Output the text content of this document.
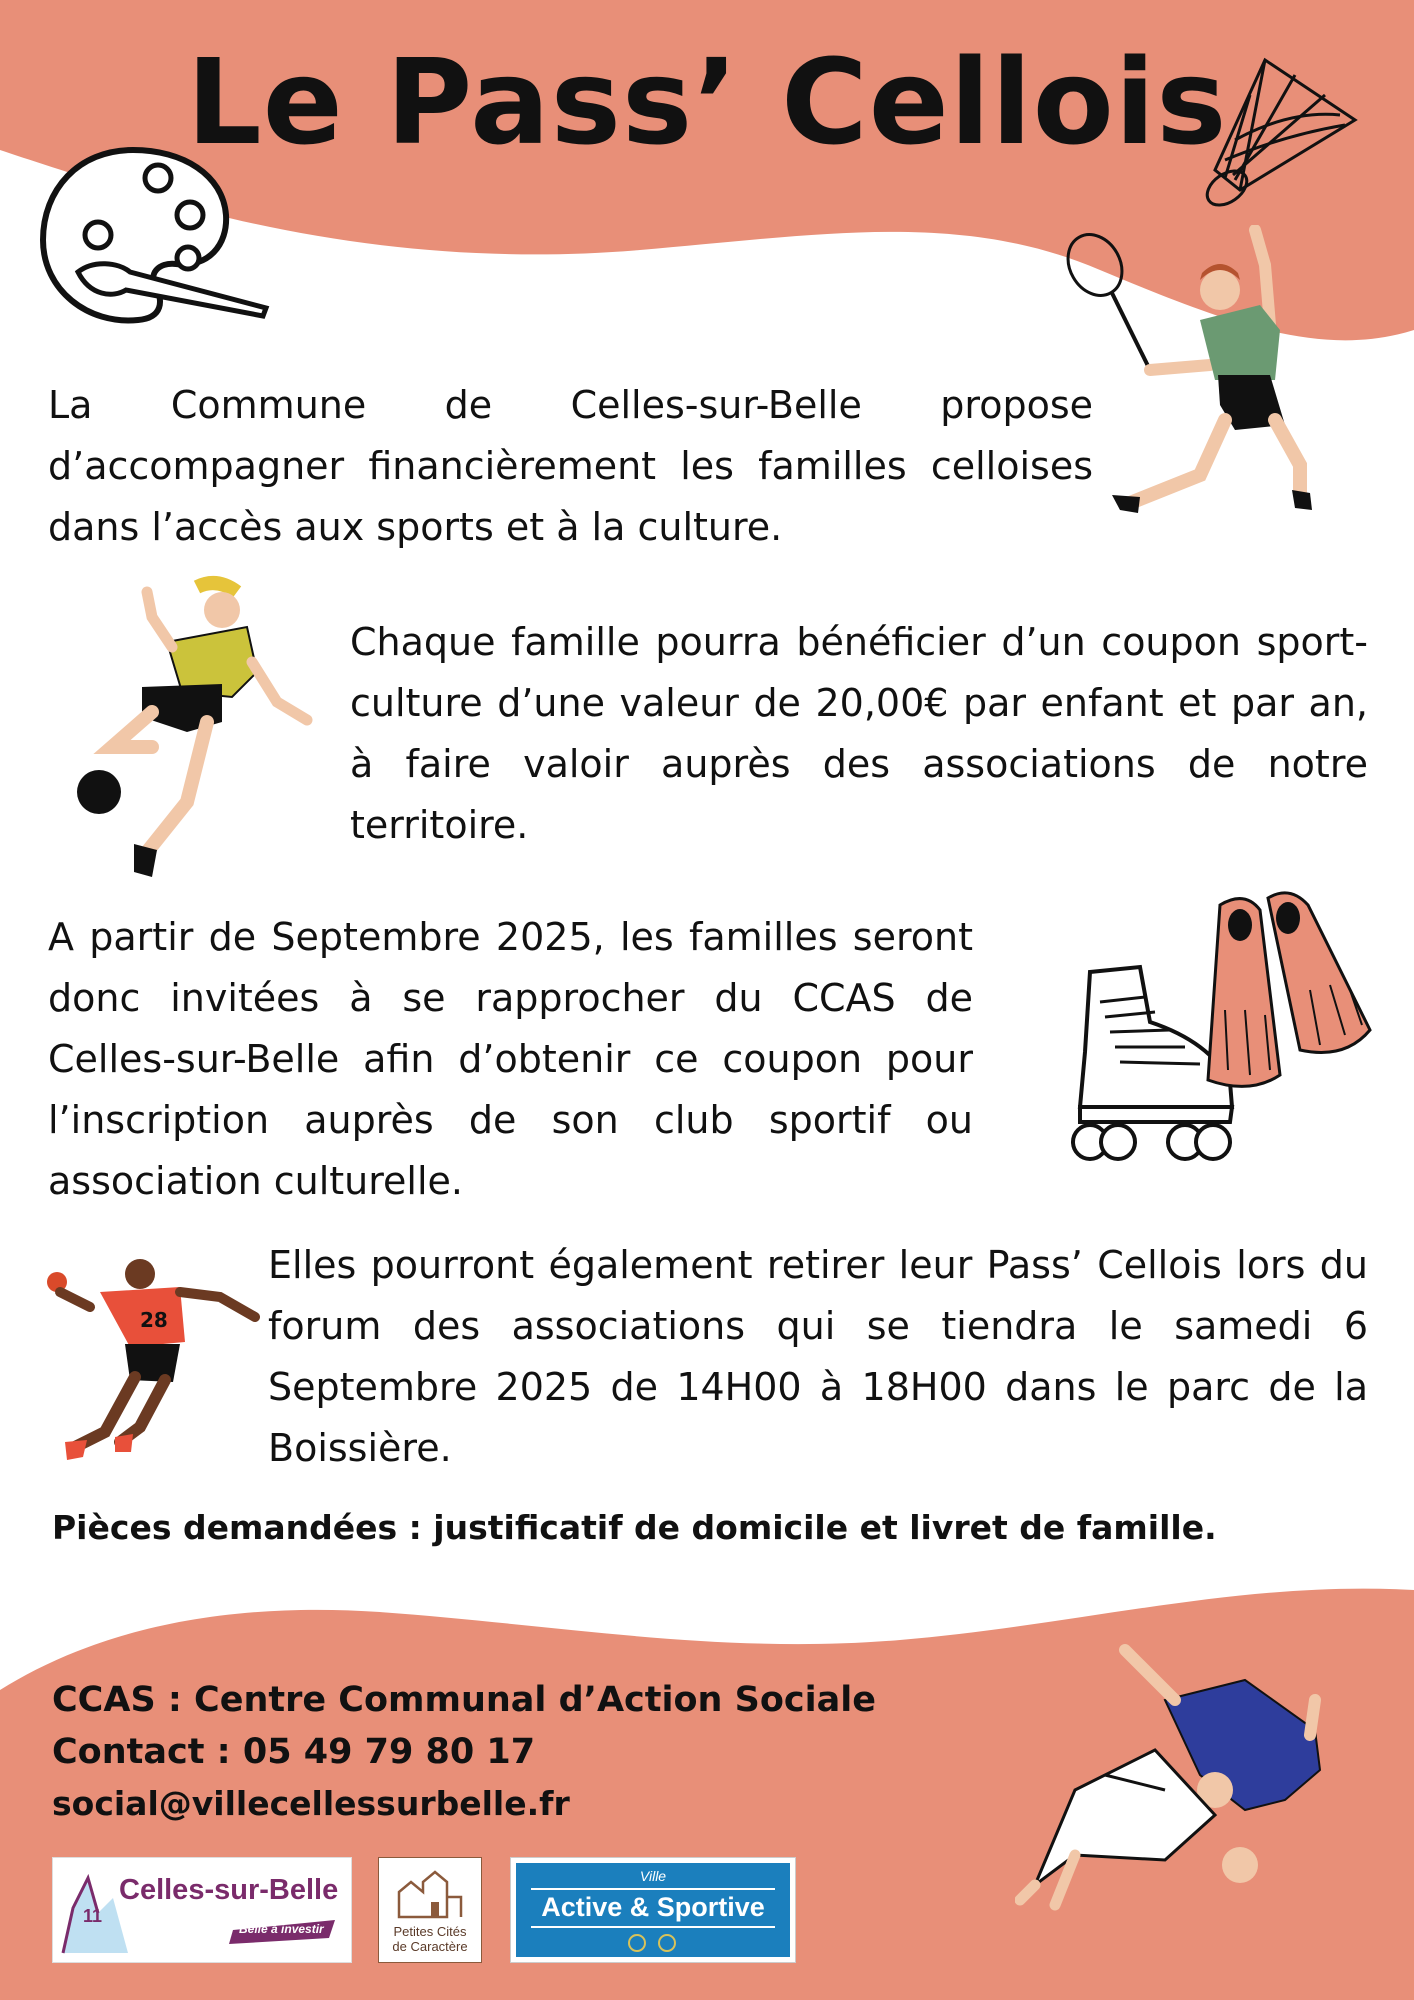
Le Pass’ Cellois
La Commune de Celles-sur-Belle propose d’accompagner financièrement les familles celloises dans l’accès aux sports et à la culture.
Chaque famille pourra bénéficier d’un coupon sport-culture d’une valeur de 20,00€ par enfant et par an, à faire valoir auprès des associations de notre territoire.
A partir de Septembre 2025, les familles seront donc invitées à se rapprocher du CCAS de Celles-sur-Belle afin d’obtenir ce coupon pour l’inscription auprès de son club sportif ou association culturelle.
28
Elles pourront également retirer leur Pass’ Cellois lors du forum des associations qui se tiendra le samedi 6 Septembre 2025 de 14H00 à 18H00 dans le parc de la Boissière.
Pièces demandées : justificatif de domicile et livret de famille.
CCAS : Centre Communal d’Action Sociale
Contact : 05 49 79 80 17
social@villecellessurbelle.fr
11
Celles-sur-Belle
Belle à investir	Petites Cités
de Caractère
Ville
Active & Sportive
